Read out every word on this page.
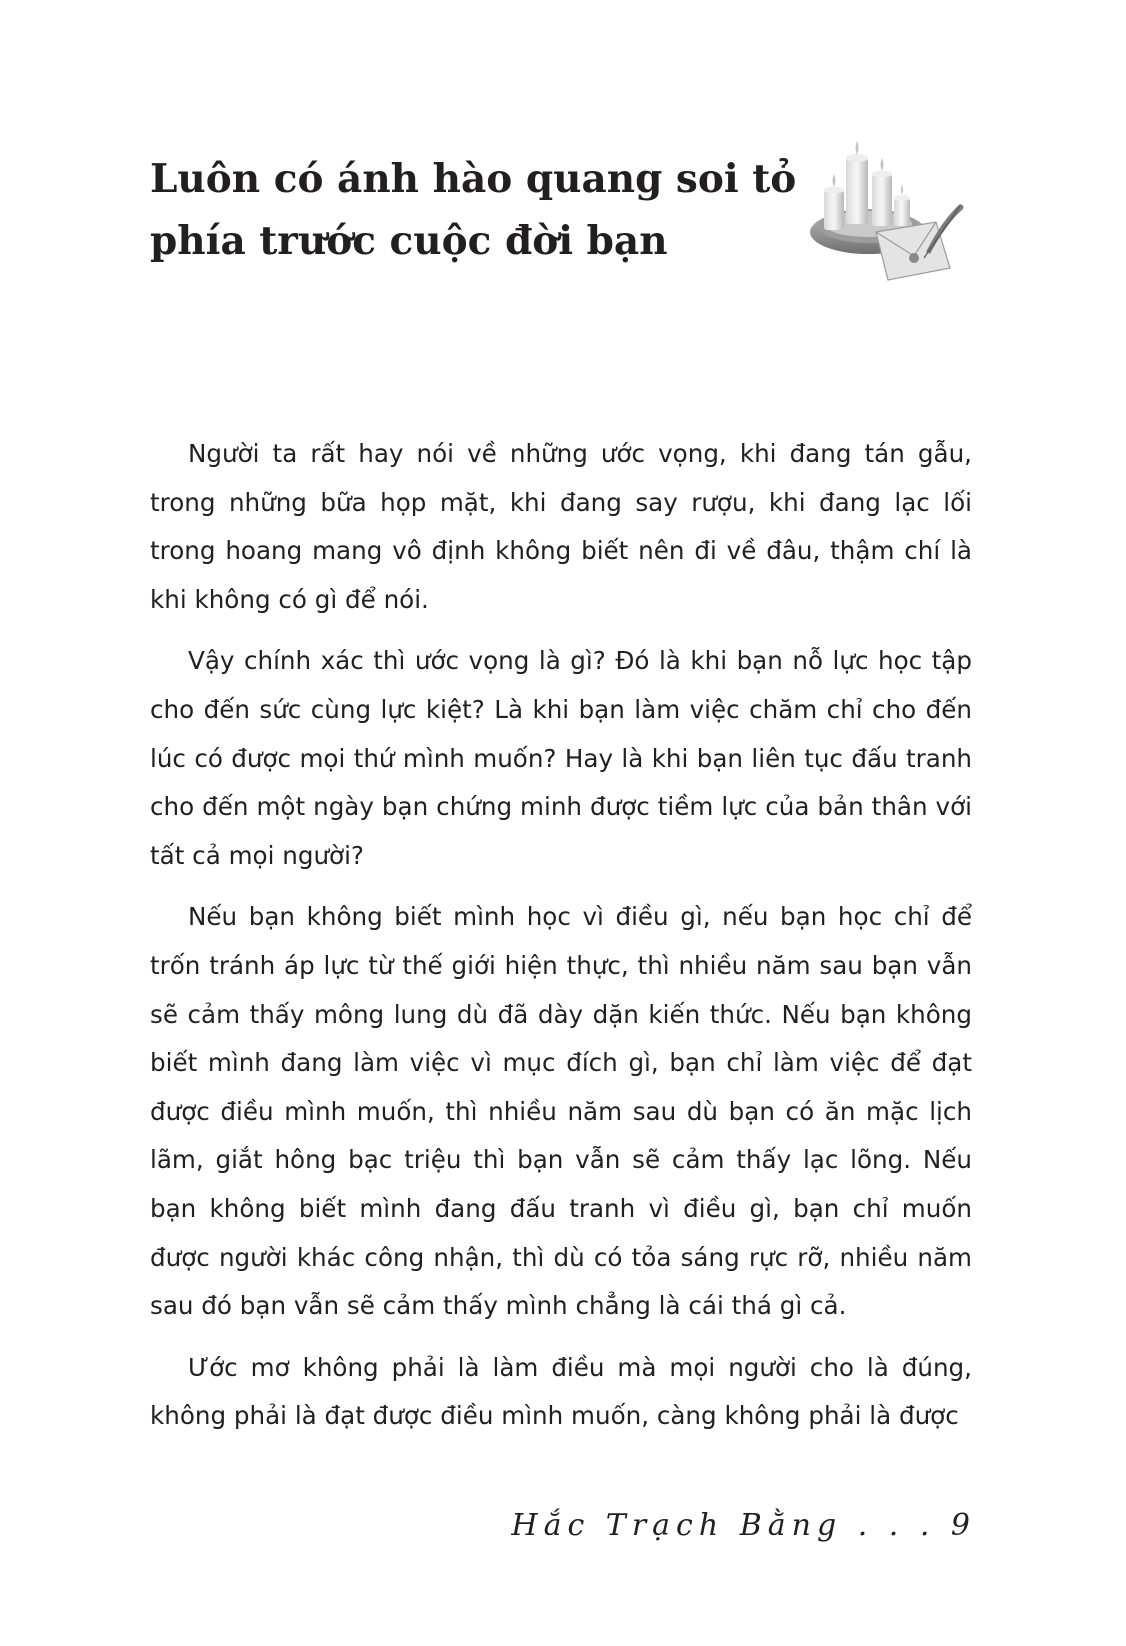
Luôn có ánh hào quang soi tỏ
phía trước cuộc đời bạn

Người ta rất hay nói về những ước vọng, khi đang tán gẫu, trong những bữa họp mặt, khi đang say rượu, khi đang lạc lối trong hoang mang vô định không biết nên đi về đâu, thậm chí là khi không có gì để nói.

Vậy chính xác thì ước vọng là gì? Đó là khi bạn nỗ lực học tập cho đến sức cùng lực kiệt? Là khi bạn làm việc chăm chỉ cho đến lúc có được mọi thứ mình muốn? Hay là khi bạn liên tục đấu tranh cho đến một ngày bạn chứng minh được tiềm lực của bản thân với tất cả mọi người?

Nếu bạn không biết mình học vì điều gì, nếu bạn học chỉ để trốn tránh áp lực từ thế giới hiện thực, thì nhiều năm sau bạn vẫn sẽ cảm thấy mông lung dù đã dày dặn kiến thức. Nếu bạn không biết mình đang làm việc vì mục đích gì, bạn chỉ làm việc để đạt được điều mình muốn, thì nhiều năm sau dù bạn có ăn mặc lịch lãm, giắt hông bạc triệu thì bạn vẫn sẽ cảm thấy lạc lõng. Nếu bạn không biết mình đang đấu tranh vì điều gì, bạn chỉ muốn được người khác công nhận, thì dù có tỏa sáng rực rỡ, nhiều năm sau đó bạn vẫn sẽ cảm thấy mình chẳng là cái thá gì cả.

Ước mơ không phải là làm điều mà mọi người cho là đúng, không phải là đạt được điều mình muốn, càng không phải là được

Hắc Trạch Bằng . . . 9
